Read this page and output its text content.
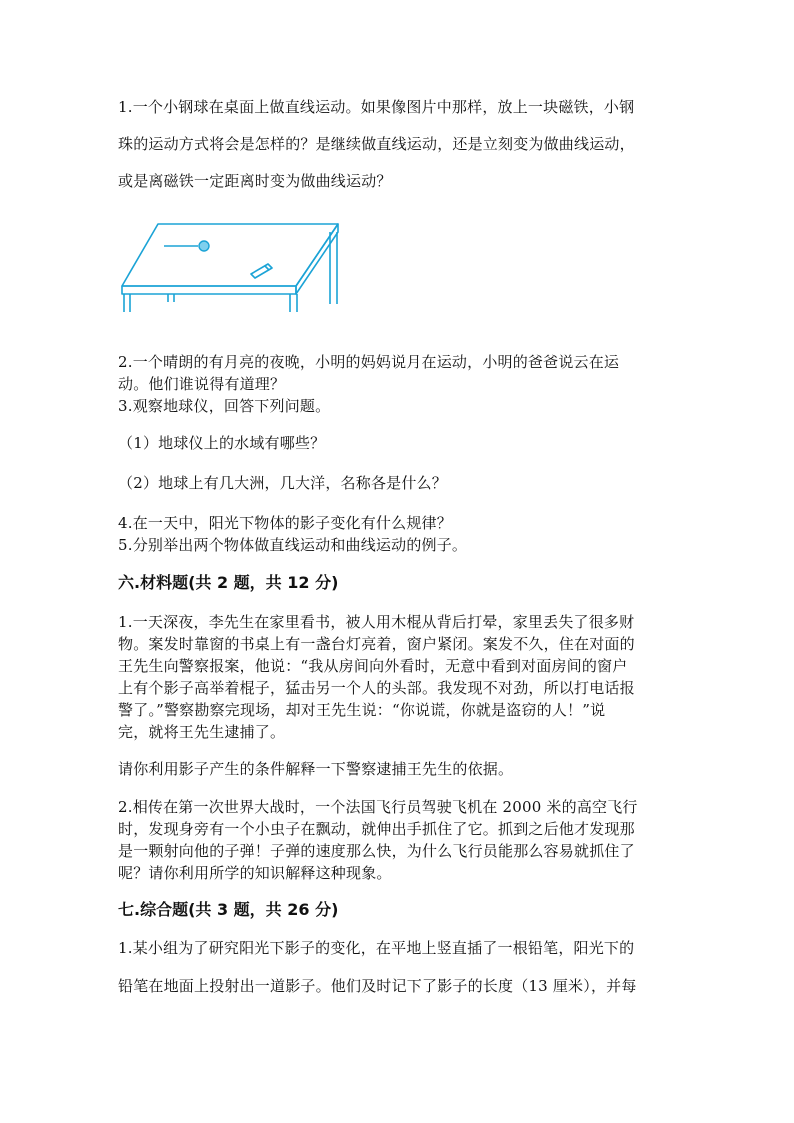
1.一个小钢球在桌面上做直线运动。如果像图片中那样，放上一块磁铁，小钢
珠的运动方式将会是怎样的？是继续做直线运动，还是立刻变为做曲线运动，
或是离磁铁一定距离时变为做曲线运动？
2.一个晴朗的有月亮的夜晚，小明的妈妈说月在运动，小明的爸爸说云在运
动。他们谁说得有道理？
3.观察地球仪，回答下列问题。
（1）地球仪上的水域有哪些？
（2）地球上有几大洲，几大洋，名称各是什么？
4.在一天中，阳光下物体的影子变化有什么规律？
5.分别举出两个物体做直线运动和曲线运动的例子。
六.材料题(共 2 题，共 12 分)
1.一天深夜，李先生在家里看书，被人用木棍从背后打晕，家里丢失了很多财
物。案发时靠窗的书桌上有一盏台灯亮着，窗户紧闭。案发不久，住在对面的
王先生向警察报案，他说：“我从房间向外看时，无意中看到对面房间的窗户
上有个影子高举着棍子，猛击另一个人的头部。我发现不对劲，所以打电话报
警了。”警察勘察完现场，却对王先生说：“你说谎，你就是盗窃的人！”说
完，就将王先生逮捕了。
请你利用影子产生的条件解释一下警察逮捕王先生的依据。
2.相传在第一次世界大战时，一个法国飞行员驾驶飞机在 2000 米的高空飞行
时，发现身旁有一个小虫子在飘动，就伸出手抓住了它。抓到之后他才发现那
是一颗射向他的子弹！子弹的速度那么快，为什么飞行员能那么容易就抓住了
呢？请你利用所学的知识解释这种现象。
七.综合题(共 3 题，共 26 分)
1.某小组为了研究阳光下影子的变化，在平地上竖直插了一根铅笔，阳光下的
铅笔在地面上投射出一道影子。他们及时记下了影子的长度（13 厘米），并每
